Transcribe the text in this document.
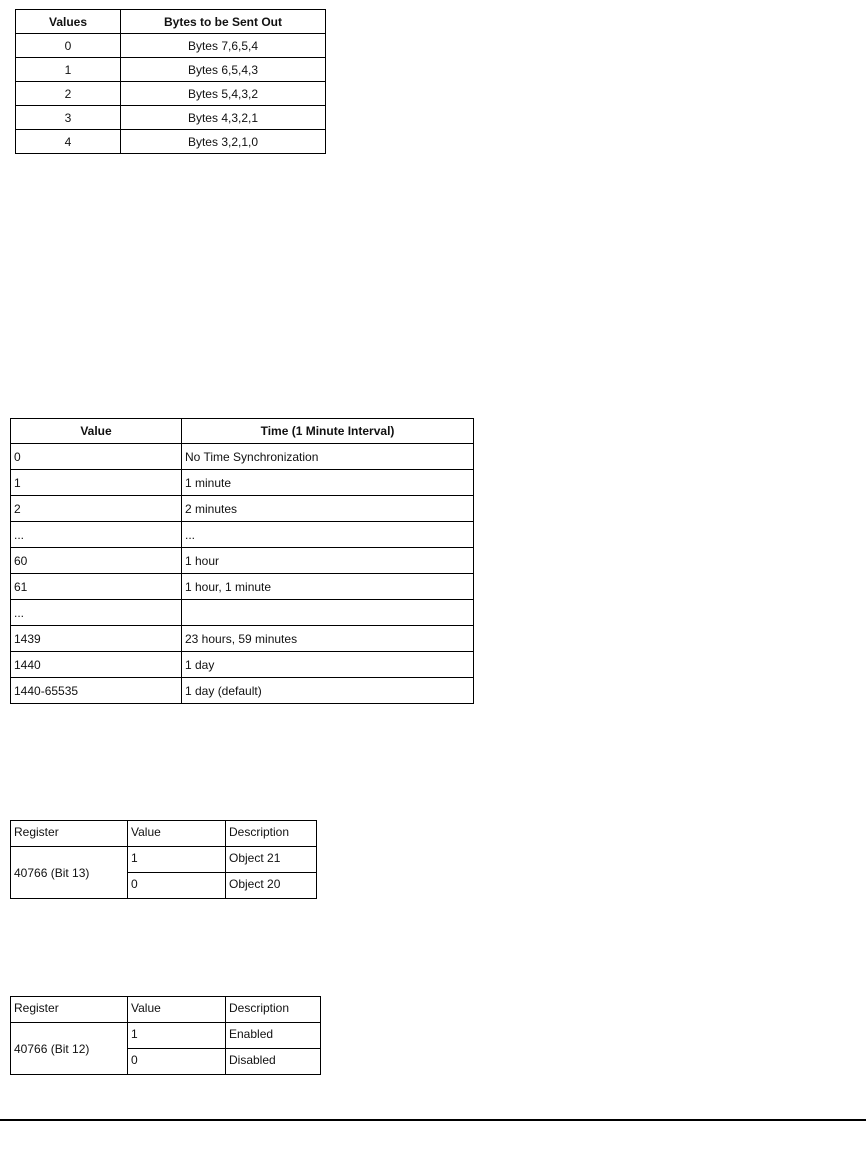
Values	Bytes to be Sent Out
0	Bytes 7,6,5,4
1	Bytes 6,5,4,3
2	Bytes 5,4,3,2
3	Bytes 4,3,2,1
4	Bytes 3,2,1,0
Value	Time (1 Minute Interval)
0	No Time Synchronization
1	1 minute
2	2 minutes
...	...
60	1 hour
61	1 hour, 1 minute
...	
1439	23 hours, 59 minutes
1440	1 day
1440-65535	1 day (default)
Register	Value	Description
40766 (Bit 13)	1	Object 21
	0	Object 20
Register	Value	Description
40766 (Bit 12)	1	Enabled
	0	Disabled
